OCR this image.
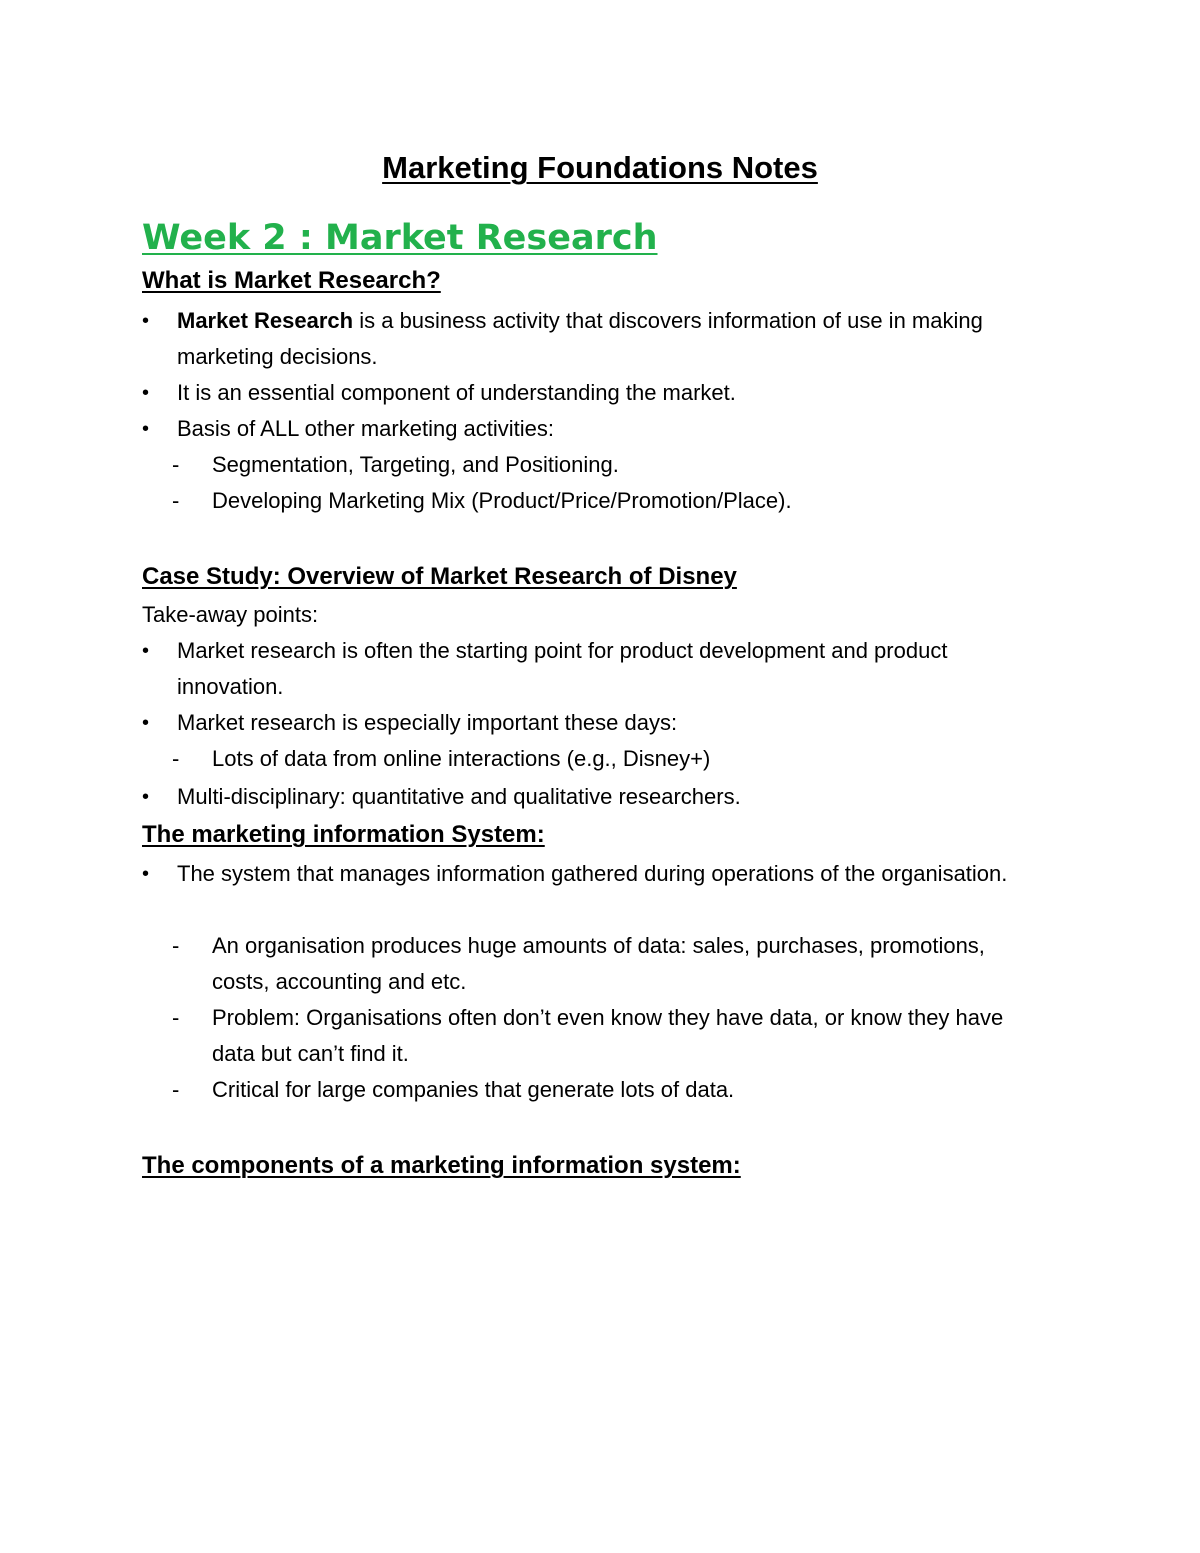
Marketing Foundations Notes
Week 2 : Market Research
What is Market Research?
•	Market Research is a business activity that discovers information of use in making marketing decisions.
•	It is an essential component of understanding the market.
•	Basis of ALL other marketing activities:
-	Segmentation, Targeting, and Positioning.
-	Developing Marketing Mix (Product/Price/Promotion/Place).
Case Study: Overview of Market Research of Disney
Take-away points:
•	Market research is often the starting point for product development and product innovation.
•	Market research is especially important these days:
-	Lots of data from online interactions (e.g., Disney+)
•	Multi-disciplinary: quantitative and qualitative researchers.
The marketing information System:
•	The system that manages information gathered during operations of the organisation.
-	An organisation produces huge amounts of data: sales, purchases, promotions, costs, accounting and etc.
-	Problem: Organisations often don’t even know they have data, or know they have data but can’t find it.
-	Critical for large companies that generate lots of data.
The components of a marketing information system:
